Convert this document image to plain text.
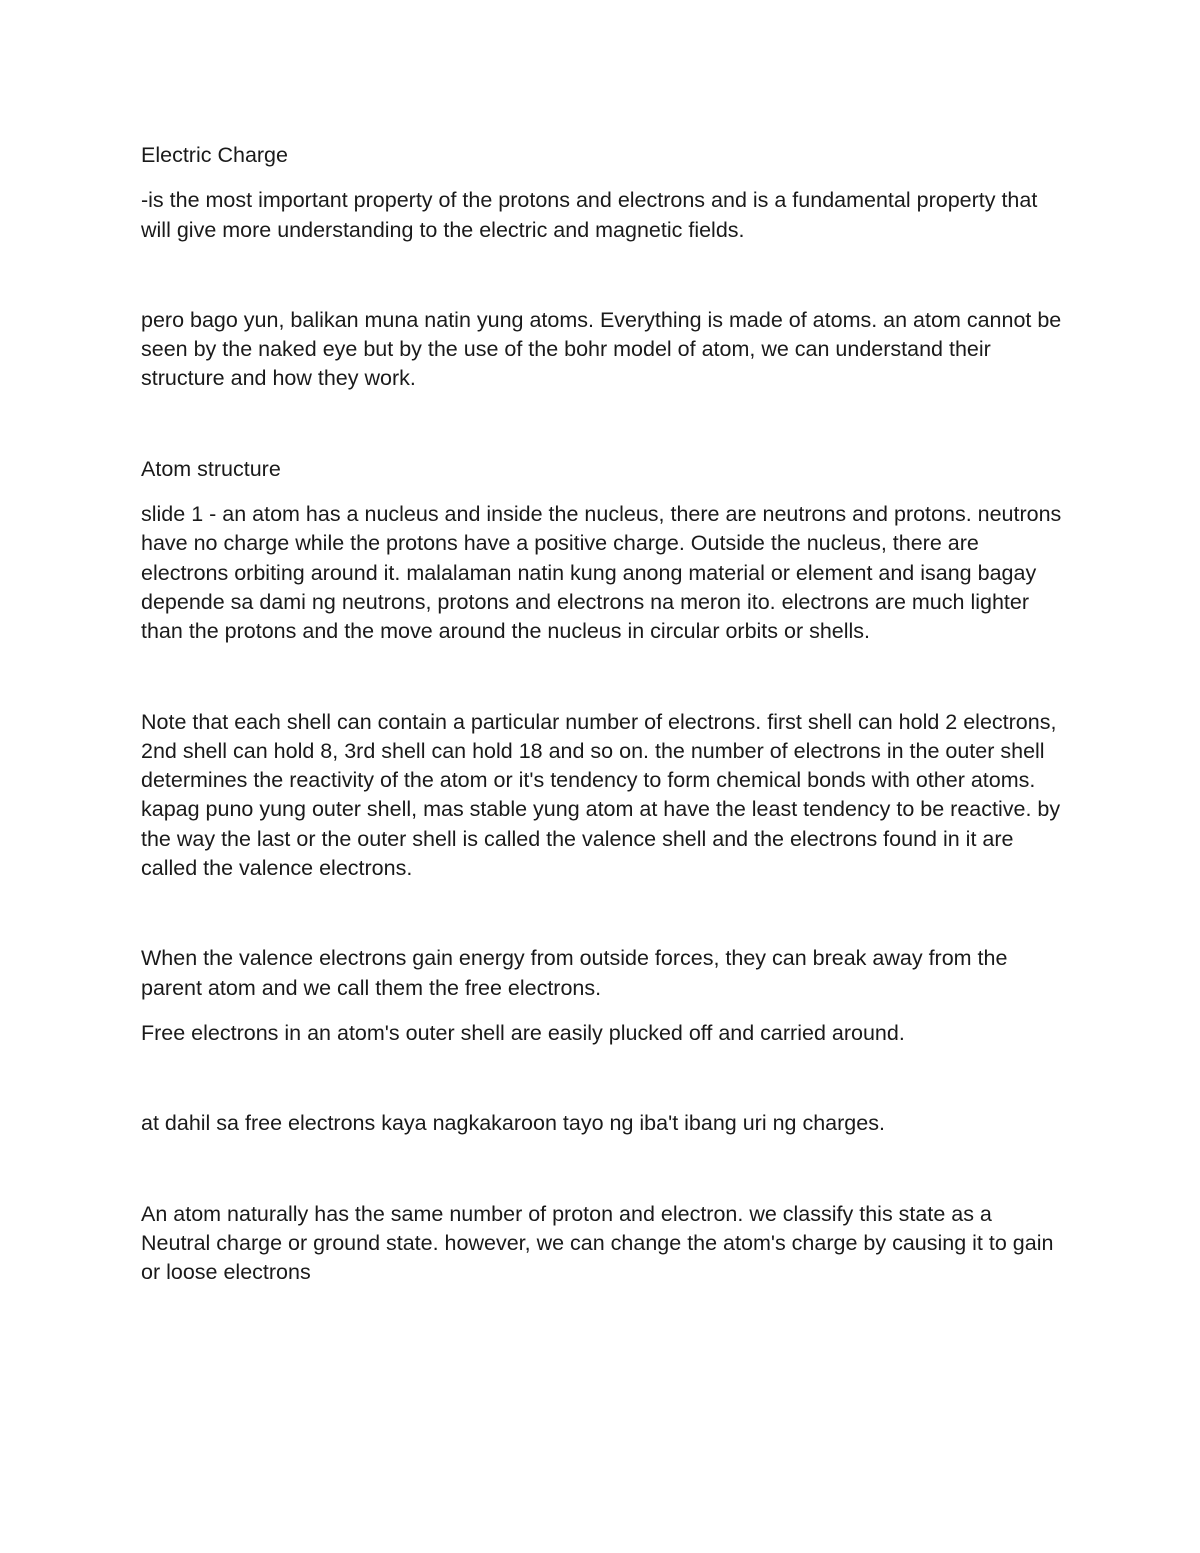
Electric Charge

-is the most important property of the protons and electrons and is a fundamental property that will give more understanding to the electric and magnetic fields.

pero bago yun, balikan muna natin yung atoms. Everything is made of atoms. an atom cannot be seen by the naked eye but by the use of the bohr model of atom, we can understand their structure and how they work.

Atom structure

slide 1 - an atom has a nucleus and inside the nucleus, there are neutrons and protons. neutrons have no charge while the protons have a positive charge. Outside the nucleus, there are electrons orbiting around it. malalaman natin kung anong material or element and isang bagay depende sa dami ng neutrons, protons and electrons na meron ito. electrons are much lighter than the protons and the move around the nucleus in circular orbits or shells.

Note that each shell can contain a particular number of electrons. first shell can hold 2 electrons, 2nd shell can hold 8, 3rd shell can hold 18 and so on. the number of electrons in the outer shell determines the reactivity of the atom or it's tendency to form chemical bonds with other atoms. kapag puno yung outer shell, mas stable yung atom at have the least tendency to be reactive. by the way the last or the outer shell is called the valence shell and the electrons found in it are called the valence electrons.

When the valence electrons gain energy from outside forces, they can break away from the parent atom and we call them the free electrons.

Free electrons in an atom's outer shell are easily plucked off and carried around.

at dahil sa free electrons kaya nagkakaroon tayo ng iba't ibang uri ng charges.

An atom naturally has the same number of proton and electron. we classify this state as a Neutral charge or ground state. however, we can change the atom's charge by causing it to gain or loose electrons
